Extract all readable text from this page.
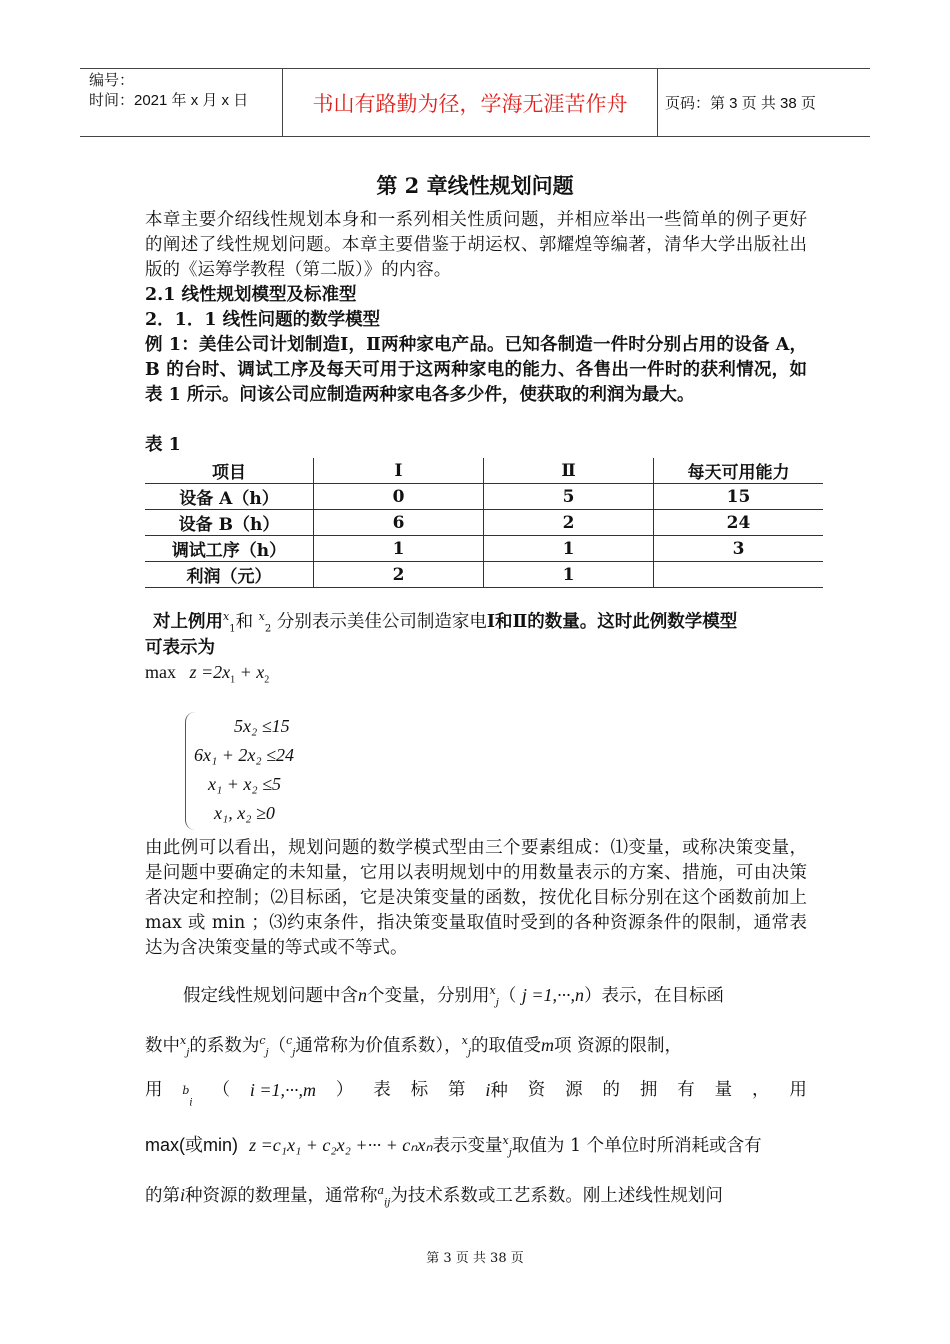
编号：
时间：2021 年 x 月 x 日	书山有路勤为径，学海无涯苦作舟	页码：第 3 页 共 38 页
第 2 章线性规划问题
本章主要介绍线性规划本身和一系列相关性质问题，并相应举出一些简单的例子更好的阐述了线性规划问题。本章主要借鉴于胡运权、郭耀煌等编著，清华大学出版社出版的《运筹学教程（第二版）》的内容。
2.1 线性规划模型及标准型
2．1．1 线性问题的数学模型
例 1：美佳公司计划制造Ⅰ，Ⅱ两种家电产品。已知各制造一件时分别占用的设备 A，B 的台时、调试工序及每天可用于这两种家电的能力、各售出一件时的获利情况，如表 1 所示。问该公司应制造两种家电各多少件，使获取的利润为最大。
表 1
项目	Ⅰ	Ⅱ	每天可用能力
设备 A（h）	0	5	15
设备 B（h）	6	2	24
调试工序（h）	1	1	3
利润（元）	2	1	
对上例用$^x_1$和 $^x_2$ 分别表示美佳公司制造家电Ⅰ和Ⅱ的数量。这时此例数学模型
可表示为
$\max z =2x_1 + x_2$
5x₂ ≤15
6x₁ + 2x₂ ≤24
x₁ + x₂ ≤5
x₁, x₂ ≥0
由此例可以看出，规划问题的数学模式型由三个要素组成：⑴变量，或称决策变量，是问题中要确定的未知量，它用以表明规划中的用数量表示的方案、措施，可由决策者决定和控制；⑵目标函，它是决策变量的函数，按优化目标分别在这个函数前加上 max 或 min ；⑶约束条件，指决策变量取值时受到的各种资源条件的限制，通常表达为含决策变量的等式或不等式。
假定线性规划问题中含n个变量，分别用$^x_j$（ j =1,···,n）表示，在目标函
数中$^x_j$的系数为$^c_j$（$^c_j$通常称为价值系数），$^x_j$的取值受m项 资源的限制，
用 $^b_i$
（ i =1,···,m ） 表 标 第 i种 资 源 的 拥 有 量 ， 用
max(或min) z =c₁x₁ + c₂x₂ +··· + cₙxₙ表示变量$^x_j$取值为 1 个单位时所消耗或含有
的第i种资源的数理量，通常称$^a_{ij}$为技术系数或工艺系数。刚上述线性规划问
第 3 页 共 38 页
